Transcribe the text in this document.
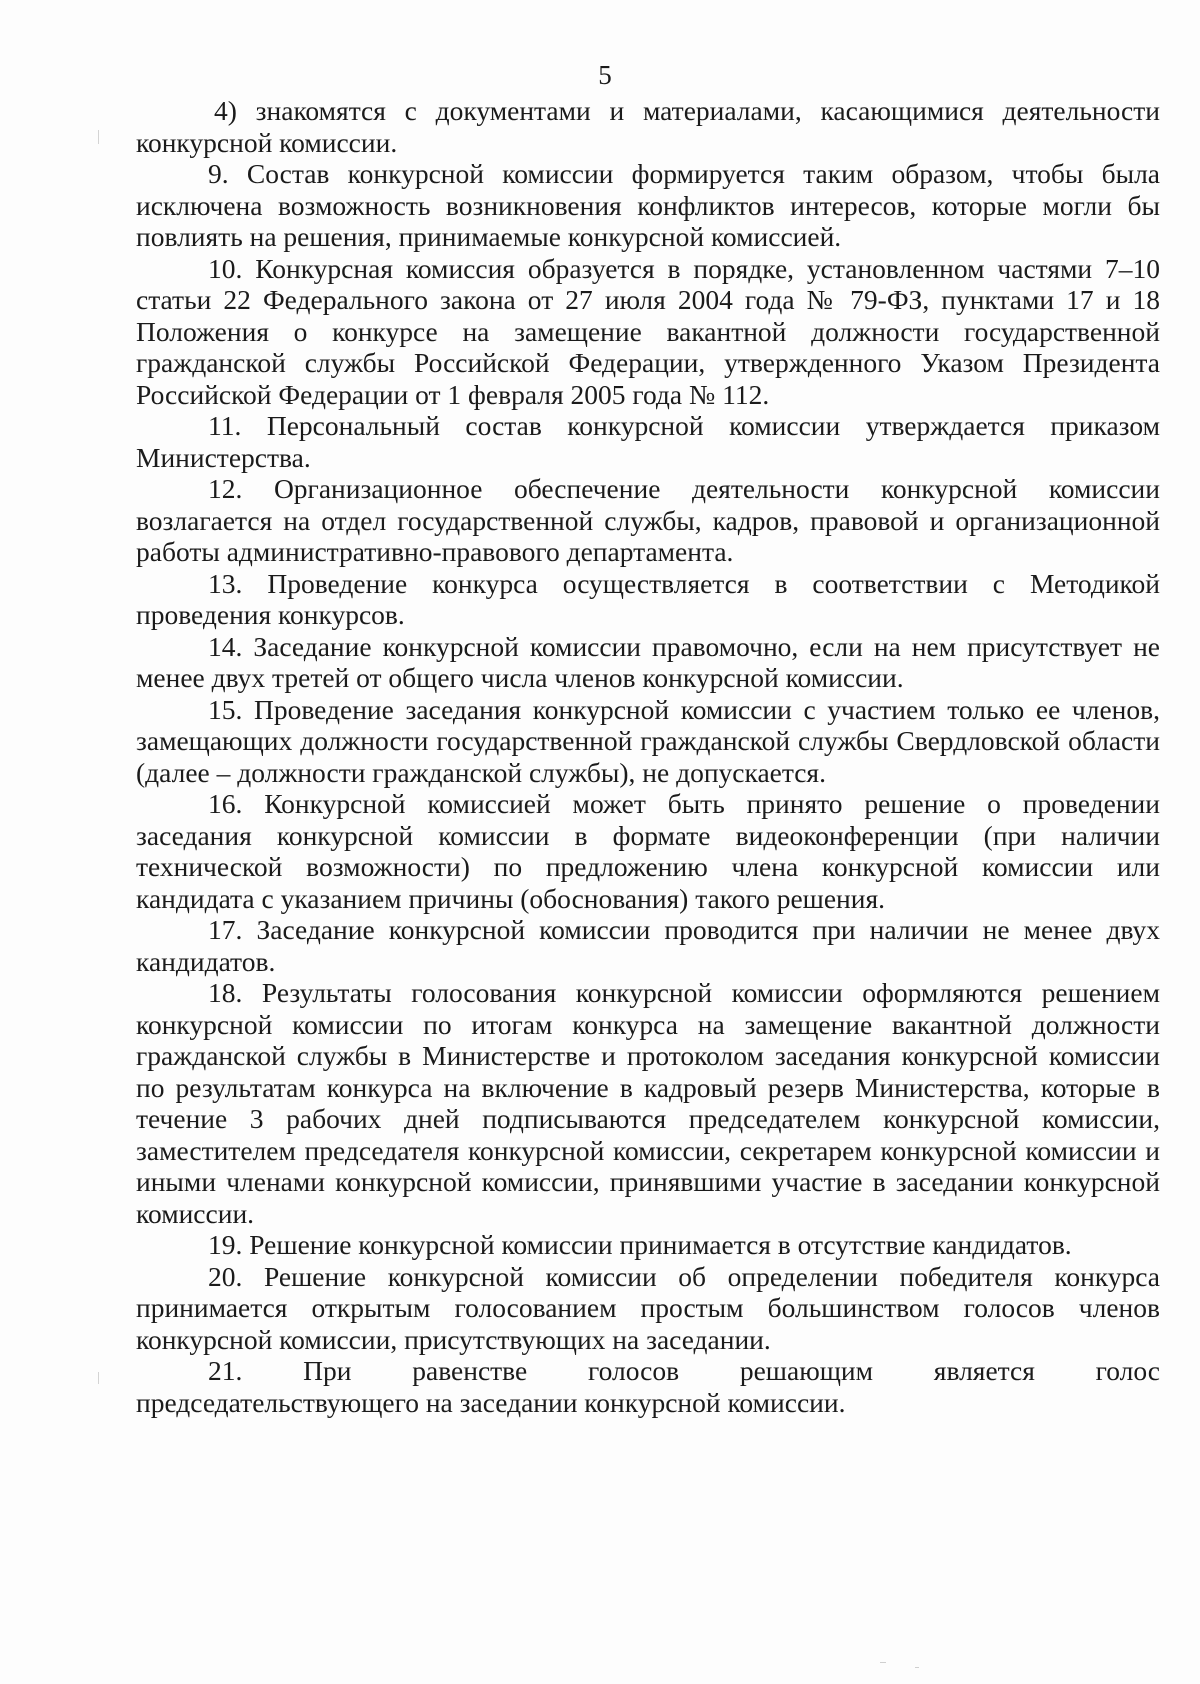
5

4) знакомятся с документами и материалами, касающимися деятельности конкурсной комиссии.

9. Состав конкурсной комиссии формируется таким образом, чтобы была исключена возможность возникновения конфликтов интересов, которые могли бы повлиять на решения, принимаемые конкурсной комиссией.

10. Конкурсная комиссия образуется в порядке, установленном частями 7–10 статьи 22 Федерального закона от 27 июля 2004 года № 79-ФЗ, пунктами 17 и 18 Положения о конкурсе на замещение вакантной должности государственной гражданской службы Российской Федерации, утвержденного Указом Президента Российской Федерации от 1 февраля 2005 года № 112.

11. Персональный состав конкурсной комиссии утверждается приказом Министерства.

12. Организационное обеспечение деятельности конкурсной комиссии возлагается на отдел государственной службы, кадров, правовой и организационной работы административно-правового департамента.

13. Проведение конкурса осуществляется в соответствии с Методикой проведения конкурсов.

14. Заседание конкурсной комиссии правомочно, если на нем присутствует не менее двух третей от общего числа членов конкурсной комиссии.

15. Проведение заседания конкурсной комиссии с участием только ее членов, замещающих должности государственной гражданской службы Свердловской области (далее – должности гражданской службы), не допускается.

16. Конкурсной комиссией может быть принято решение о проведении заседания конкурсной комиссии в формате видеоконференции (при наличии технической возможности) по предложению члена конкурсной комиссии или кандидата с указанием причины (обоснования) такого решения.

17. Заседание конкурсной комиссии проводится при наличии не менее двух кандидатов.

18. Результаты голосования конкурсной комиссии оформляются решением конкурсной комиссии по итогам конкурса на замещение вакантной должности гражданской службы в Министерстве и протоколом заседания конкурсной комиссии по результатам конкурса на включение в кадровый резерв Министерства, которые в течение 3 рабочих дней подписываются председателем конкурсной комиссии, заместителем председателя конкурсной комиссии, секретарем конкурсной комиссии и иными членами конкурсной комиссии, принявшими участие в заседании конкурсной комиссии.

19. Решение конкурсной комиссии принимается в отсутствие кандидатов.

20. Решение конкурсной комиссии об определении победителя конкурса принимается открытым голосованием простым большинством голосов членов конкурсной комиссии, присутствующих на заседании.

21. При равенстве голосов решающим является голос

председательствующего на заседании конкурсной комиссии.
